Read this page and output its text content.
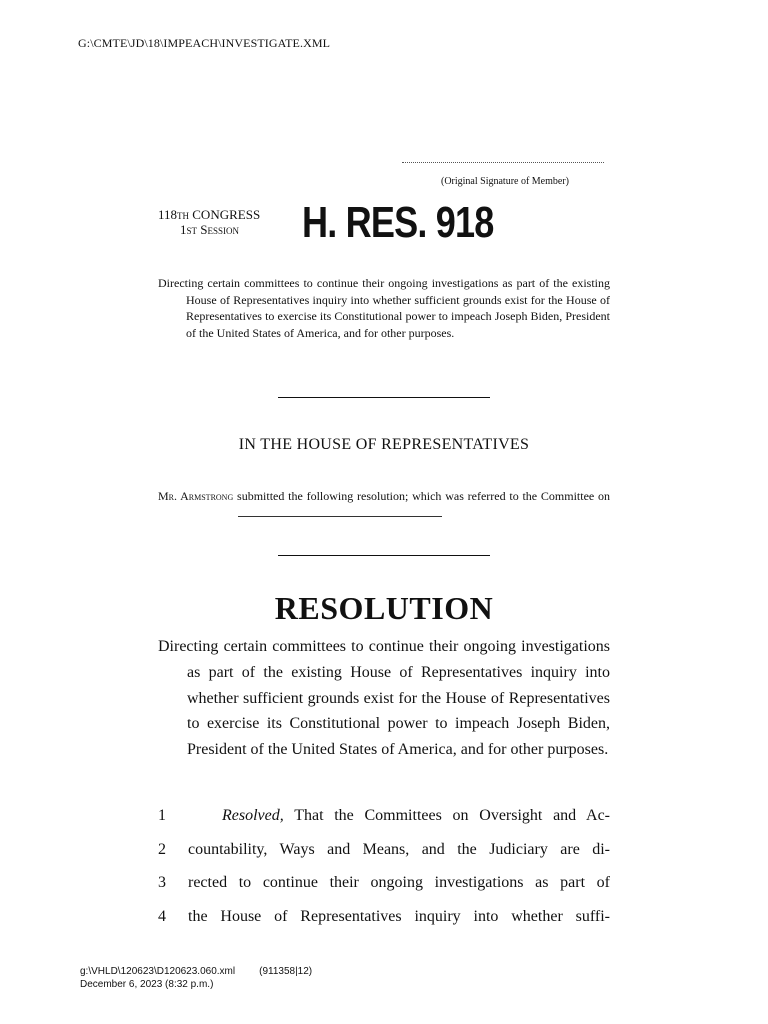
G:\CMTE\JD\18\IMPEACH\INVESTIGATE.XML
(Original Signature of Member)
118th CONGRESS
1st Session	H. RES. 918
Directing certain committees to continue their ongoing investigations as part of the existing House of Representatives inquiry into whether sufficient grounds exist for the House of Representatives to exercise its Constitutional power to impeach Joseph Biden, President of the United States of America, and for other purposes.
IN THE HOUSE OF REPRESENTATIVES
Mr. Armstrong submitted the following resolution; which was referred to the Committee on
RESOLUTION
Directing certain committees to continue their ongoing investigations as part of the existing House of Representatives inquiry into whether sufficient grounds exist for the House of Representatives to exercise its Constitutional power to impeach Joseph Biden, President of the United States of America, and for other purposes.
1	Resolved, That the Committees on Oversight and Ac-
2	countability, Ways and Means, and the Judiciary are di-
3	rected to continue their ongoing investigations as part of
4	the House of Representatives inquiry into whether suffi-
g:\VHLD\120623\D120623.060.xml (911358|12)
December 6, 2023 (8:32 p.m.)
